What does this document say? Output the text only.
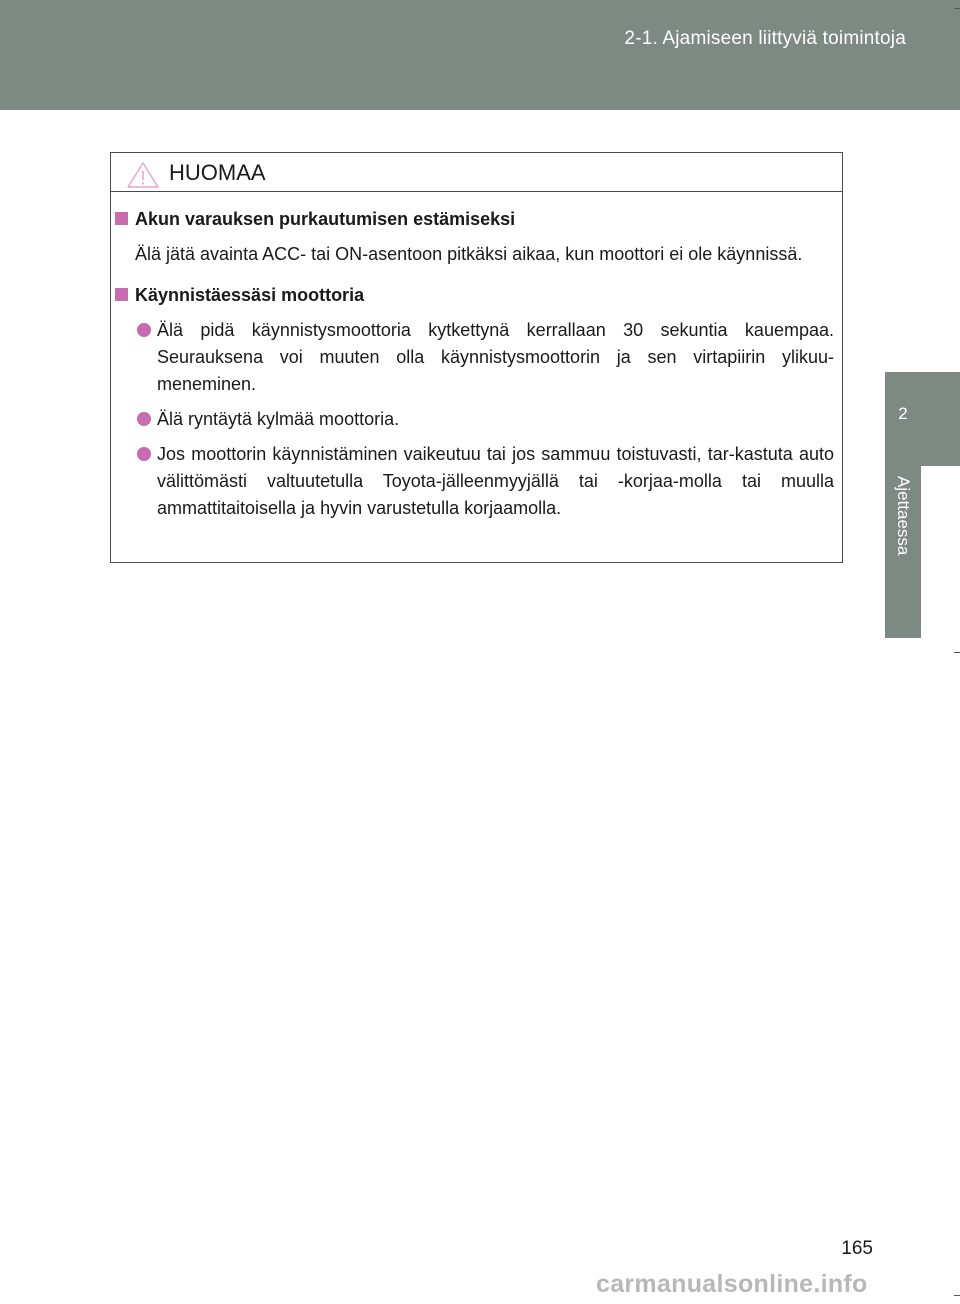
2-1. Ajamiseen liittyviä toimintoja
2
Ajettaessa
HUOMAA
Akun varauksen purkautumisen estämiseksi
Älä jätä avainta ACC- tai ON-asentoon pitkäksi aikaa, kun moottori ei ole käynnissä.
Käynnistäessäsi moottoria
Älä pidä käynnistysmoottoria kytkettynä kerrallaan 30 sekuntia kauempaa. Seurauksena voi muuten olla käynnistysmoottorin ja sen virtapiirin ylikuu-meneminen.
Älä ryntäytä kylmää moottoria.
Jos moottorin käynnistäminen vaikeutuu tai jos sammuu toistuvasti, tar-kastuta auto välittömästi valtuutetulla Toyota-jälleenmyyjällä tai -korjaa-molla tai muulla ammattitaitoisella ja hyvin varustetulla korjaamolla.
165
carmanualsonline.info
